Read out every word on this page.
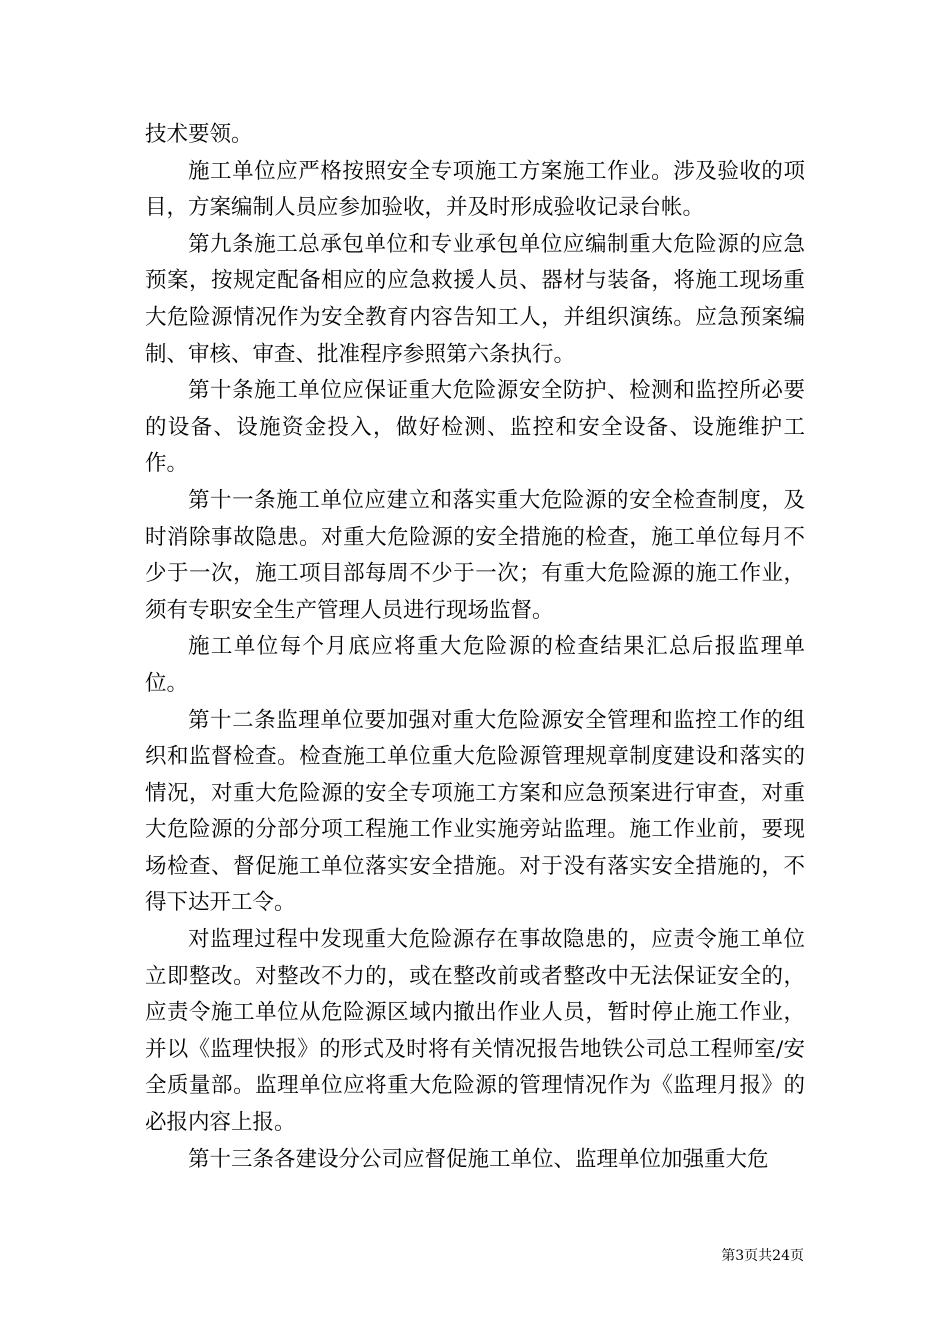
技术要领。

施工单位应严格按照安全专项施工方案施工作业。涉及验收的项目，方案编制人员应参加验收，并及时形成验收记录台帐。

第九条施工总承包单位和专业承包单位应编制重大危险源的应急预案，按规定配备相应的应急救援人员、器材与装备，将施工现场重大危险源情况作为安全教育内容告知工人，并组织演练。应急预案编制、审核、审查、批准程序参照第六条执行。

第十条施工单位应保证重大危险源安全防护、检测和监控所必要的设备、设施资金投入，做好检测、监控和安全设备、设施维护工作。

第十一条施工单位应建立和落实重大危险源的安全检查制度，及时消除事故隐患。对重大危险源的安全措施的检查，施工单位每月不少于一次，施工项目部每周不少于一次；有重大危险源的施工作业，须有专职安全生产管理人员进行现场监督。

施工单位每个月底应将重大危险源的检查结果汇总后报监理单位。

第十二条监理单位要加强对重大危险源安全管理和监控工作的组织和监督检查。检查施工单位重大危险源管理规章制度建设和落实的情况，对重大危险源的安全专项施工方案和应急预案进行审查，对重大危险源的分部分项工程施工作业实施旁站监理。施工作业前，要现场检查、督促施工单位落实安全措施。对于没有落实安全措施的，不得下达开工令。

对监理过程中发现重大危险源存在事故隐患的，应责令施工单位立即整改。对整改不力的，或在整改前或者整改中无法保证安全的，应责令施工单位从危险源区域内撤出作业人员，暂时停止施工作业，并以《监理快报》的形式及时将有关情况报告地铁公司总工程师室/安全质量部。监理单位应将重大危险源的管理情况作为《监理月报》的必报内容上报。

第十三条各建设分公司应督促施工单位、监理单位加强重大危

第3页共24页
